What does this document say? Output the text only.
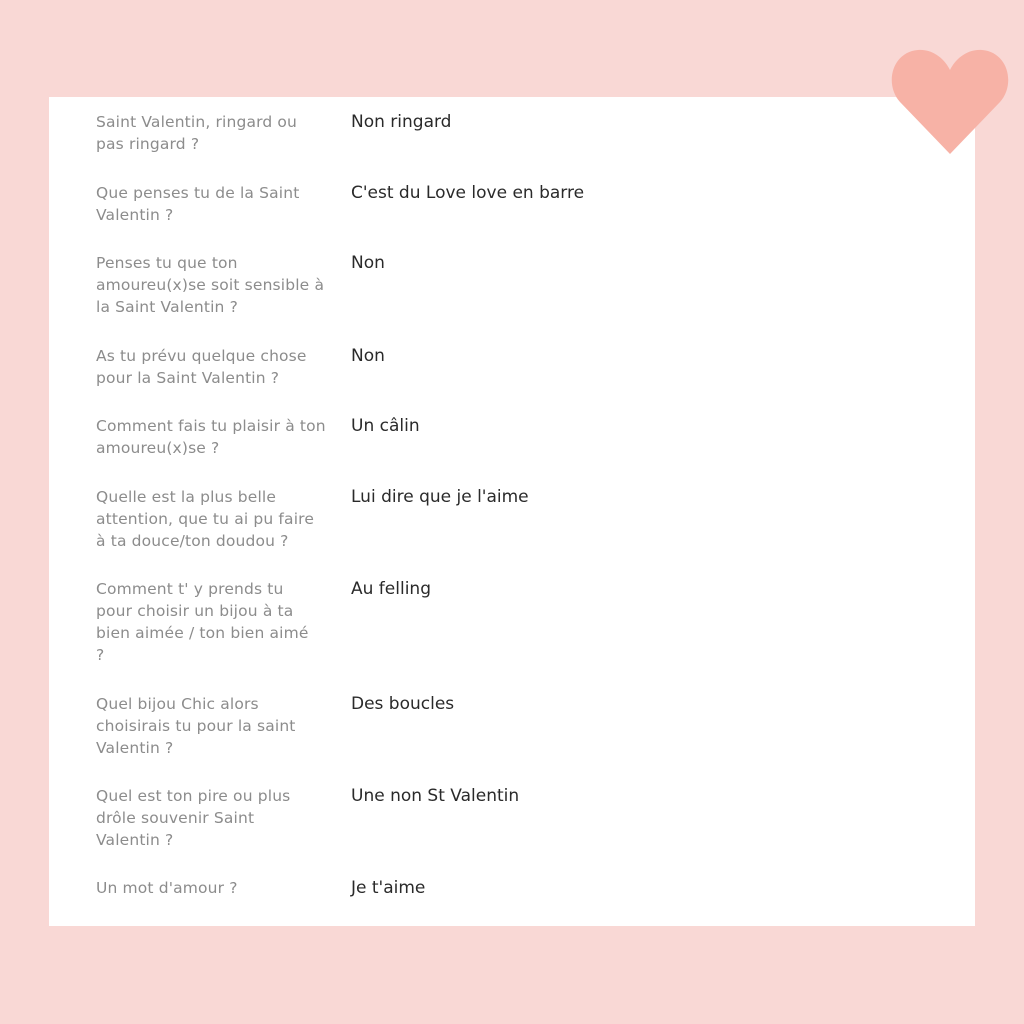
Saint Valentin, ringard ou
pas ringard ?
Non ringard
Que penses tu de la Saint
Valentin ?
C'est du Love love en barre
Penses tu que ton
amoureu(x)se soit sensible à
la Saint Valentin ?
Non
As tu prévu quelque chose
pour la Saint Valentin ?
Non
Comment fais tu plaisir à ton
amoureu(x)se ?
Un câlin
Quelle est la plus belle
attention, que tu ai pu faire
à ta douce/ton doudou ?
Lui dire que je l'aime
Comment t' y prends tu
pour choisir un bijou à ta
bien aimée / ton bien aimé
?
Au felling
Quel bijou Chic alors
choisirais tu pour la saint
Valentin ?
Des boucles
Quel est ton pire ou plus
drôle souvenir Saint
Valentin ?
Une non St Valentin
Un mot d'amour ?	Je t'aime
